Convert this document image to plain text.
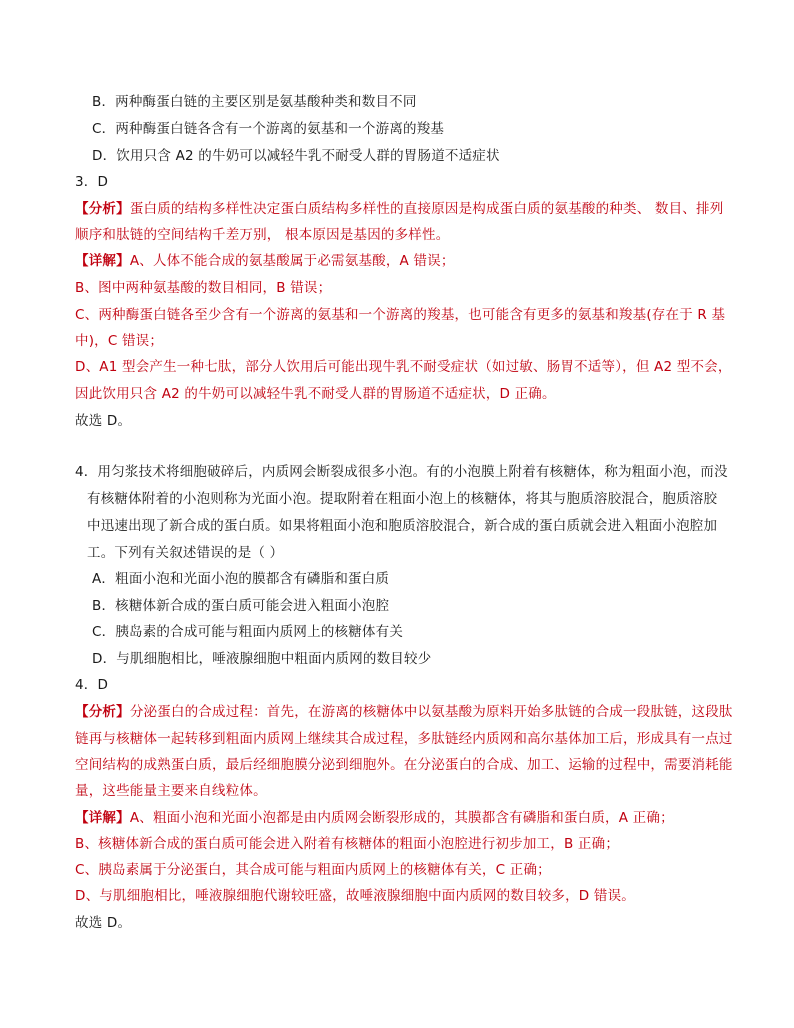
B．两种酶蛋白链的主要区别是氨基酸种类和数目不同
C．两种酶蛋白链各含有一个游离的氨基和一个游离的羧基
D．饮用只含 A2 的牛奶可以减轻牛乳不耐受人群的胃肠道不适症状
3．D
【分析】蛋白质的结构多样性决定蛋白质结构多样性的直接原因是构成蛋白质的氨基酸的种类、 数目、排列
顺序和肽链的空间结构千差万别， 根本原因是基因的多样性。
【详解】A、人体不能合成的氨基酸属于必需氨基酸，A 错误；
B、图中两种氨基酸的数目相同，B 错误；
C、两种酶蛋白链各至少含有一个游离的氨基和一个游离的羧基，也可能含有更多的氨基和羧基(存在于 R 基
中)，C 错误；
D、A1 型会产生一种七肽，部分人饮用后可能出现牛乳不耐受症状（如过敏、肠胃不适等），但 A2 型不会，
因此饮用只含 A2 的牛奶可以减轻牛乳不耐受人群的胃肠道不适症状，D 正确。
故选 D。
4．用匀浆技术将细胞破碎后，内质网会断裂成很多小泡。有的小泡膜上附着有核糖体，称为粗面小泡，而没
有核糖体附着的小泡则称为光面小泡。提取附着在粗面小泡上的核糖体，将其与胞质溶胶混合，胞质溶胶
中迅速出现了新合成的蛋白质。如果将粗面小泡和胞质溶胶混合，新合成的蛋白质就会进入粗面小泡腔加
工。下列有关叙述错误的是（ ）
A．粗面小泡和光面小泡的膜都含有磷脂和蛋白质
B．核糖体新合成的蛋白质可能会进入粗面小泡腔
C．胰岛素的合成可能与粗面内质网上的核糖体有关
D．与肌细胞相比，唾液腺细胞中粗面内质网的数目较少
4．D
【分析】分泌蛋白的合成过程：首先，在游离的核糖体中以氨基酸为原料开始多肽链的合成一段肽链，这段肽
链再与核糖体一起转移到粗面内质网上继续其合成过程，多肽链经内质网和高尔基体加工后，形成具有一点过
空间结构的成熟蛋白质，最后经细胞膜分泌到细胞外。在分泌蛋白的合成、加工、运输的过程中，需要消耗能
量，这些能量主要来自线粒体。
【详解】A、粗面小泡和光面小泡都是由内质网会断裂形成的，其膜都含有磷脂和蛋白质，A 正确；
B、核糖体新合成的蛋白质可能会进入附着有核糖体的粗面小泡腔进行初步加工，B 正确；
C、胰岛素属于分泌蛋白，其合成可能与粗面内质网上的核糖体有关，C 正确；
D、与肌细胞相比，唾液腺细胞代谢较旺盛，故唾液腺细胞中面内质网的数目较多，D 错误。
故选 D。
